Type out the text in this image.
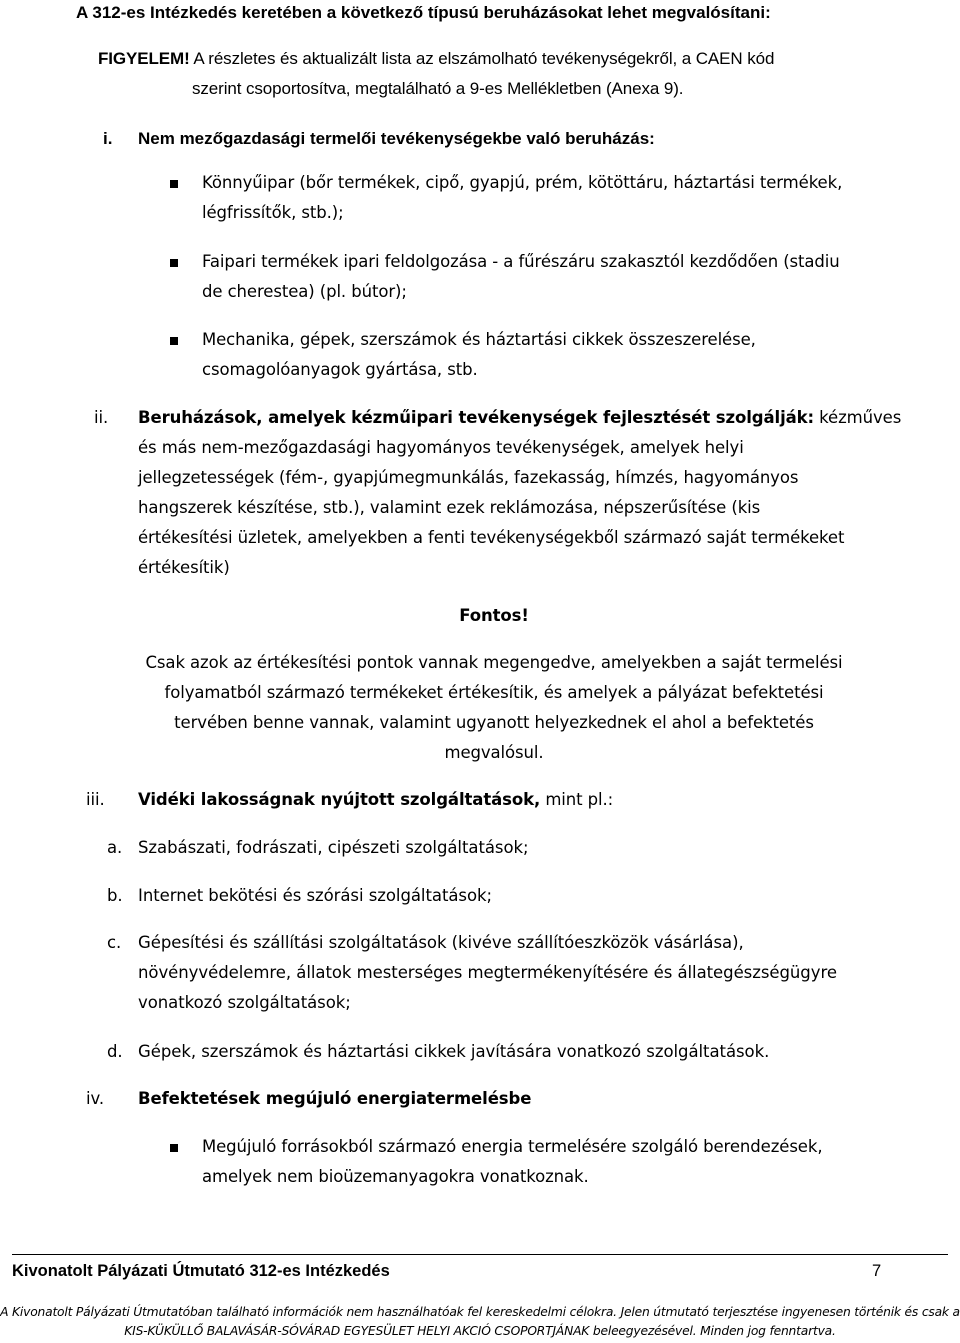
A 312-es Intézkedés keretében a következő típusú beruházásokat lehet megvalósítani:
FIGYELEM! A részletes és aktualizált lista az elszámolható tevékenységekről, a CAEN kód
szerint csoportosítva, megtalálható a 9-es Mellékletben (Anexa 9).
i. Nem mezőgazdasági termelői tevékenységekbe való beruházás:
Könnyűipar (bőr termékek, cipő, gyapjú, prém, kötöttáru, háztartási termékek,
légfrissítők, stb.);
Faipari termékek ipari feldolgozása - a fűrészáru szakasztól kezdődően (stadiu
de cherestea) (pl. bútor);
Mechanika, gépek, szerszámok és háztartási cikkek összeszerelése,
csomagolóanyagok gyártása, stb.
ii. Beruházások, amelyek kézműipari tevékenységek fejlesztését szolgálják: kézműves
és más nem-mezőgazdasági hagyományos tevékenységek, amelyek helyi
jellegzetességek (fém-, gyapjúmegmunkálás, fazekasság, hímzés, hagyományos
hangszerek készítése, stb.), valamint ezek reklámozása, népszerűsítése (kis
értékesítési üzletek, amelyekben a fenti tevékenységekből származó saját termékeket
értékesítik)
Fontos!
Csak azok az értékesítési pontok vannak megengedve, amelyekben a saját termelési
folyamatból származó termékeket értékesítik, és amelyek a pályázat befektetési
tervében benne vannak, valamint ugyanott helyezkednek el ahol a befektetés
megvalósul.
iii. Vidéki lakosságnak nyújtott szolgáltatások, mint pl.:
a. Szabászati, fodrászati, cipészeti szolgáltatások;
b. Internet bekötési és szórási szolgáltatások;
c. Gépesítési és szállítási szolgáltatások (kivéve szállítóeszközök vásárlása),
növényvédelemre, állatok mesterséges megtermékenyítésére és állategészségügyre
vonatkozó szolgáltatások;
d. Gépek, szerszámok és háztartási cikkek javítására vonatkozó szolgáltatások.
iv. Befektetések megújuló energiatermelésbe
Megújuló forrásokból származó energia termelésére szolgáló berendezések,
amelyek nem bioüzemanyagokra vonatkoznak.
Kivonatolt Pályázati Útmutató 312-es Intézkedés	7
A Kivonatolt Pályázati Útmutatóban található információk nem használhatóak fel kereskedelmi célokra. Jelen útmutató terjesztése ingyenesen történik és csak a
KIS-KÜKÜLLŐ BALAVÁSÁR-SÓVÁRAD EGYESÜLET HELYI AKCIÓ CSOPORTJÁNAK beleegyezésével. Minden jog fenntartva.
